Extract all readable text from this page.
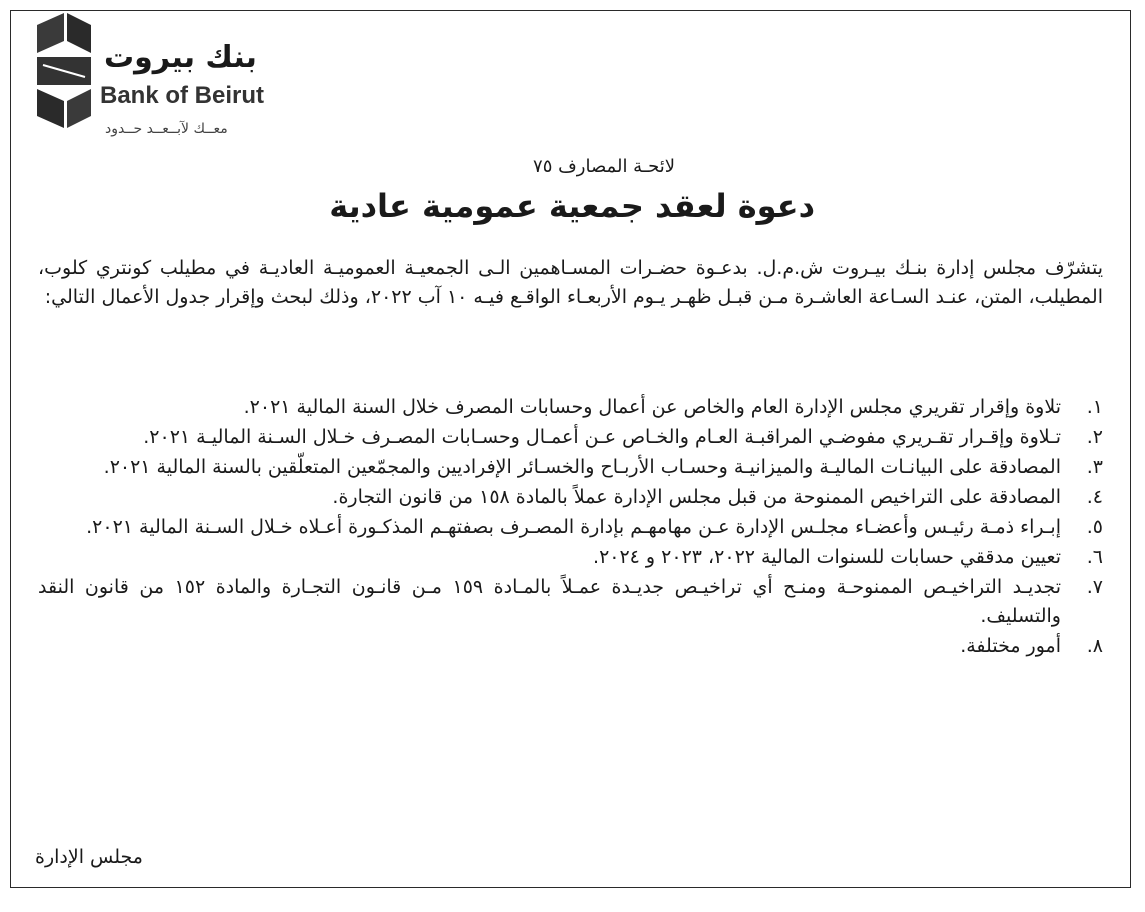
بنك بيروت
Bank of Beirut
معــك لآبــعــد حــدود
لائحـة المصارف ٧٥
دعوة لعقد جمعية عمومية عادية
يتشرّف مجلس إدارة بنـك بيـروت ش.م.ل. بدعـوة حضـرات المسـاهمين الـى الجمعيـة العموميـة العاديـة في مطيلب كونتري كلوب، المطيلب، المتن، عنـد السـاعة العاشـرة مـن قبـل ظهـر يـوم الأربعـاء الواقـع فيـه ١٠ آب ٢٠٢٢، وذلك لبحث وإقرار جدول الأعمال التالي:
١.
تلاوة وإقرار تقريري مجلس الإدارة العام والخاص عن أعمال وحسابات المصرف خلال السنة المالية ٢٠٢١.
٢.
تـلاوة وإقـرار تقـريري مفوضـي المراقبـة العـام والخـاص عـن أعمـال وحسـابات المصـرف خـلال السـنة الماليـة ٢٠٢١.
٣.
المصادقة على البيانـات الماليـة والميزانيـة وحسـاب الأربـاح والخسـائر الإفراديين والمجمّعين المتعلّقين بالسنة المالية ٢٠٢١.
٤.
المصادقة على التراخيص الممنوحة من قبل مجلس الإدارة عملاً بالمادة ١٥٨ من قانون التجارة.
٥.
إبـراء ذمـة رئيـس وأعضـاء مجلـس الإدارة عـن مهامهـم بإدارة المصـرف بصفتهـم المذكـورة أعـلاه خـلال السـنة المالية ٢٠٢١.
٦.
تعيين مدققي حسابات للسنوات المالية ٢٠٢٢، ٢٠٢٣ و ٢٠٢٤.
٧.
تجديـد التراخيـص الممنوحـة ومنـح أي تراخيـص جديـدة عمـلاً بالمـادة ١٥٩ مـن قانـون التجـارة والمادة ١٥٢ من قانون النقد والتسليف.
٨.
أمور مختلفة.
مجلس الإدارة
